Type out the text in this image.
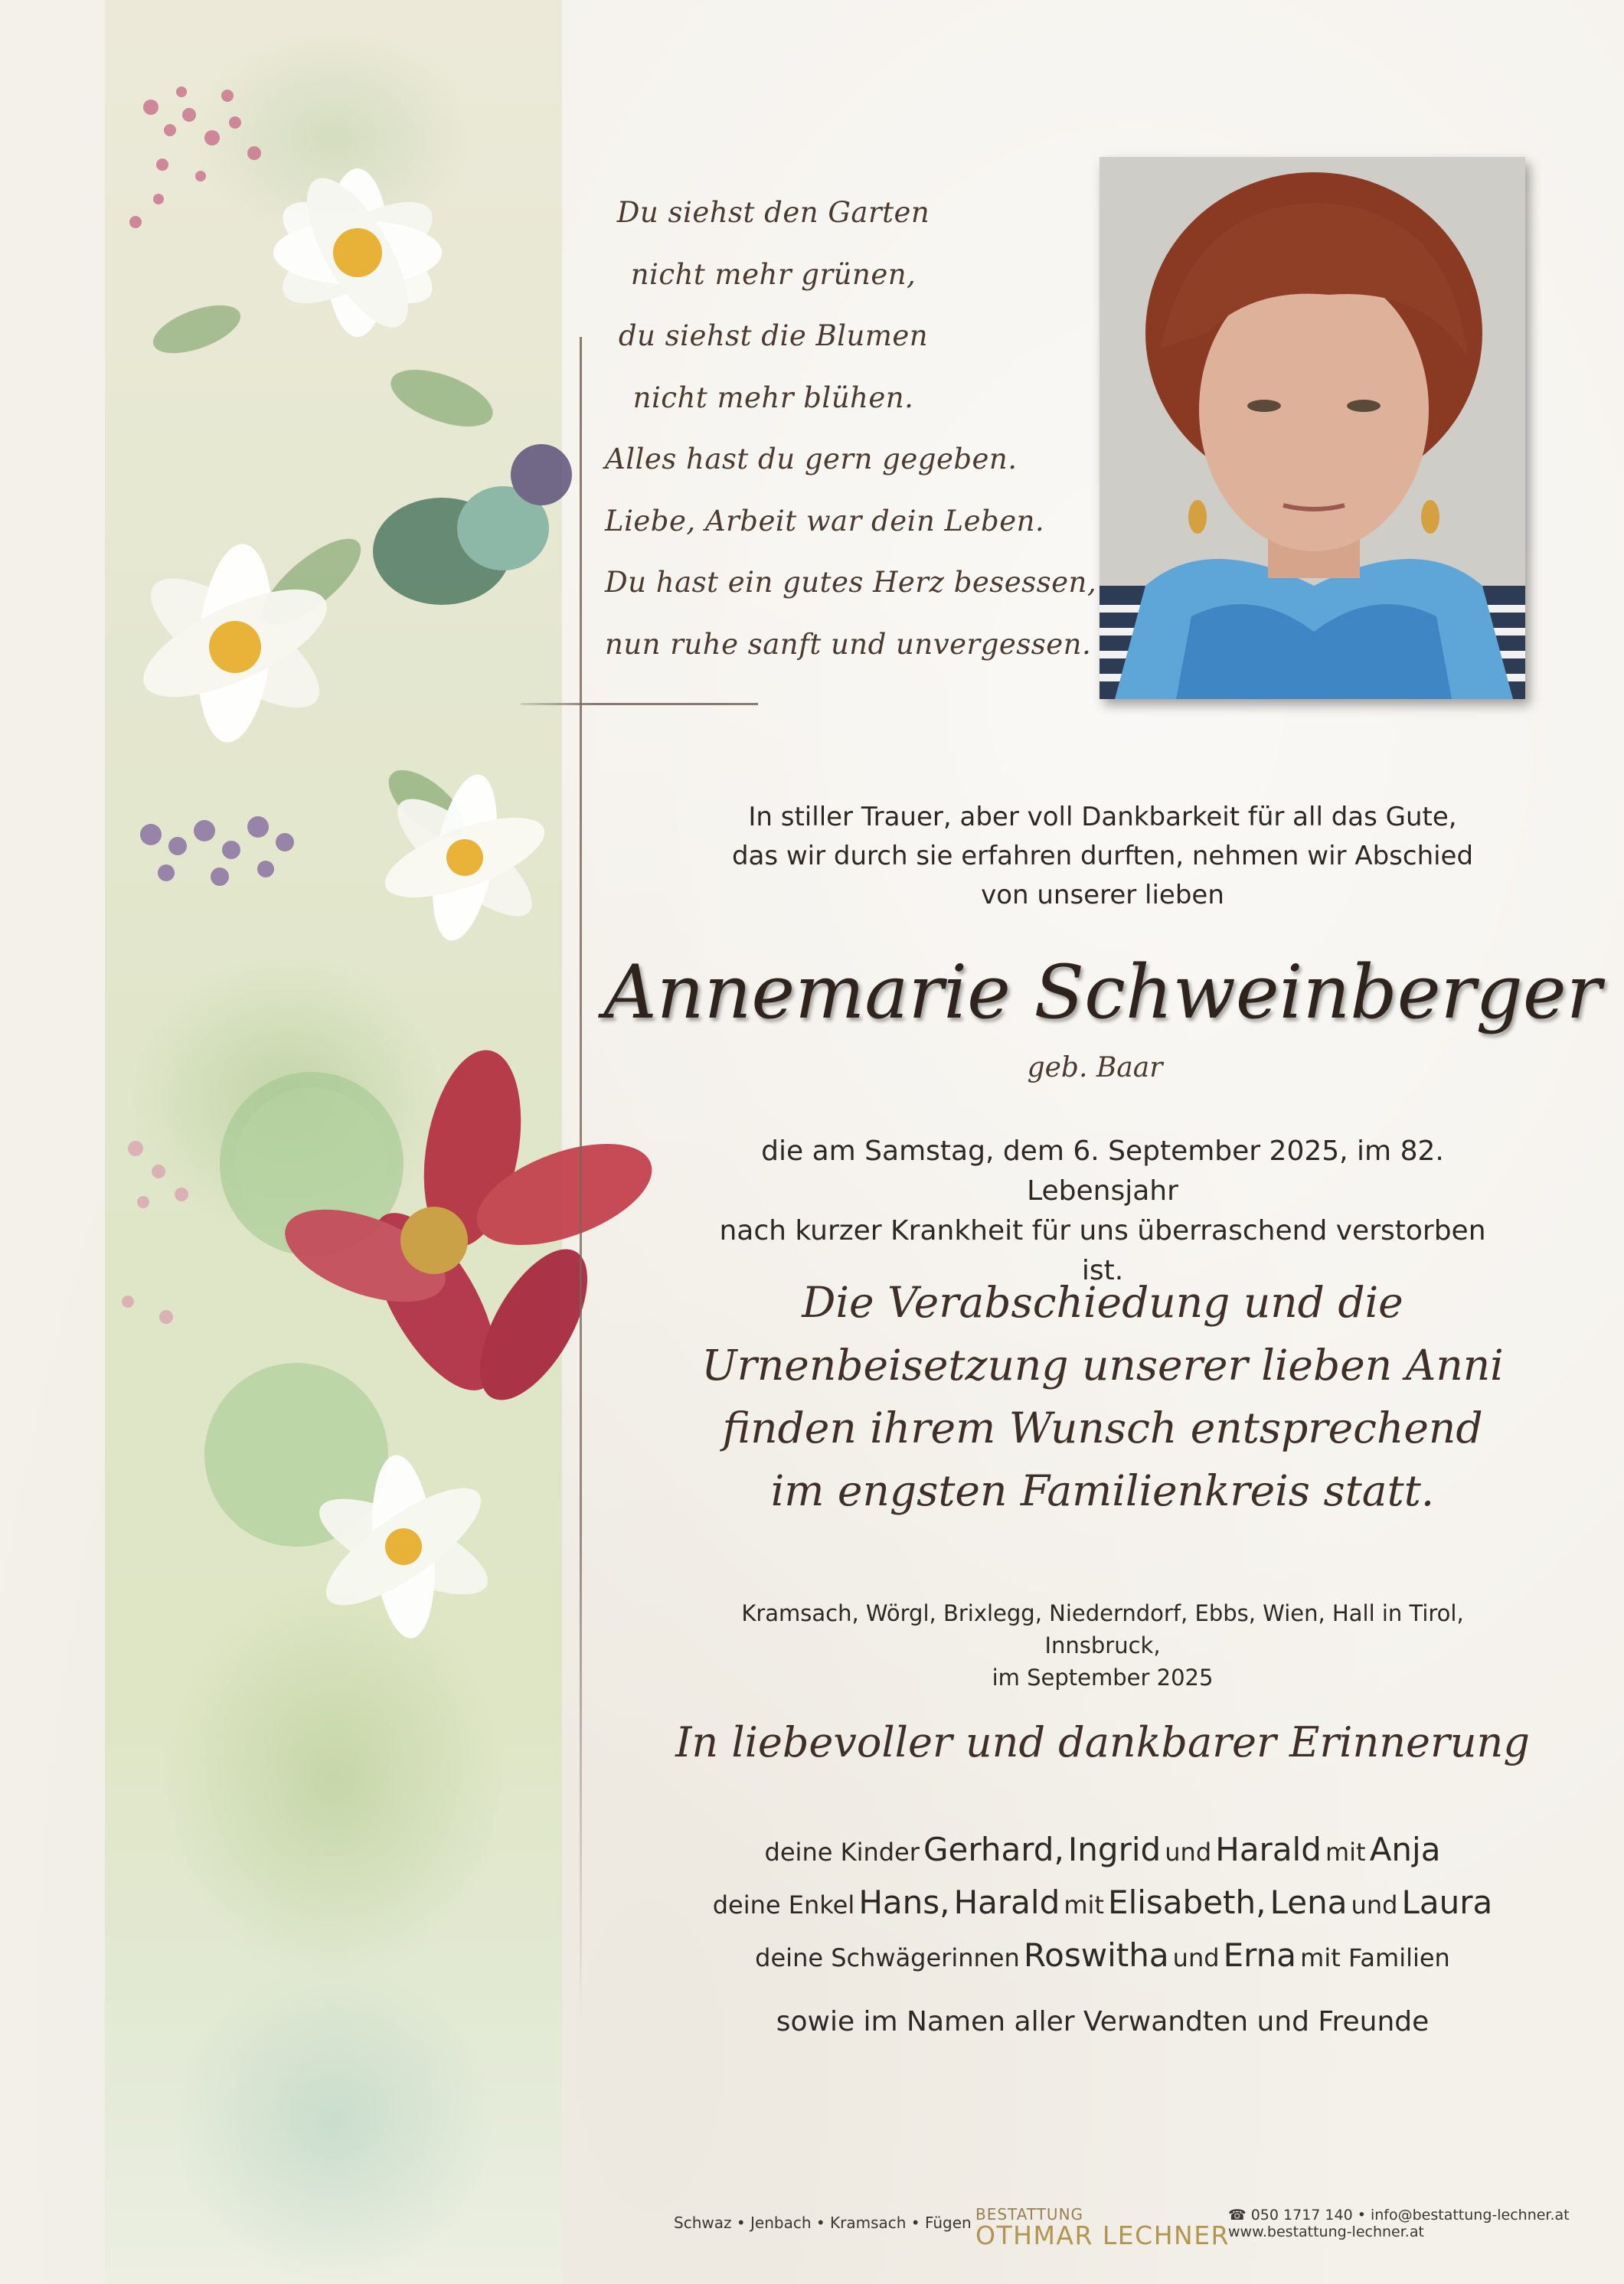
Du siehst den Garten
nicht mehr grünen,
du siehst die Blumen
nicht mehr blühen.
Alles hast du gern gegeben.
Liebe, Arbeit war dein Leben.
Du hast ein gutes Herz besessen,
nun ruhe sanft und unvergessen.
In stiller Trauer, aber voll Dankbarkeit für all das Gute,
das wir durch sie erfahren durften, nehmen wir Abschied
von unserer lieben
Annemarie Schweinberger
geb. Baar
die am Samstag, dem 6. September 2025, im 82. Lebensjahr
nach kurzer Krankheit für uns überraschend verstorben ist.
Die Verabschiedung und die
Urnenbeisetzung unserer lieben Anni
finden ihrem Wunsch entsprechend
im engsten Familienkreis statt.
Kramsach, Wörgl, Brixlegg, Niederndorf, Ebbs, Wien, Hall in Tirol, Innsbruck,
im September 2025
In liebevoller und dankbarer Erinnerung
deine Kinder Gerhard, Ingrid und Harald mit Anja
deine Enkel Hans, Harald mit Elisabeth, Lena und Laura
deine Schwägerinnen Roswitha und Erna mit Familien
sowie im Namen aller Verwandten und Freunde
Schwaz • Jenbach • Kramsach • Fügen BESTATTUNG
OTHMAR LECHNER
☎ 050 1717 140 • info@bestattung-lechner.at
www.bestattung-lechner.at
